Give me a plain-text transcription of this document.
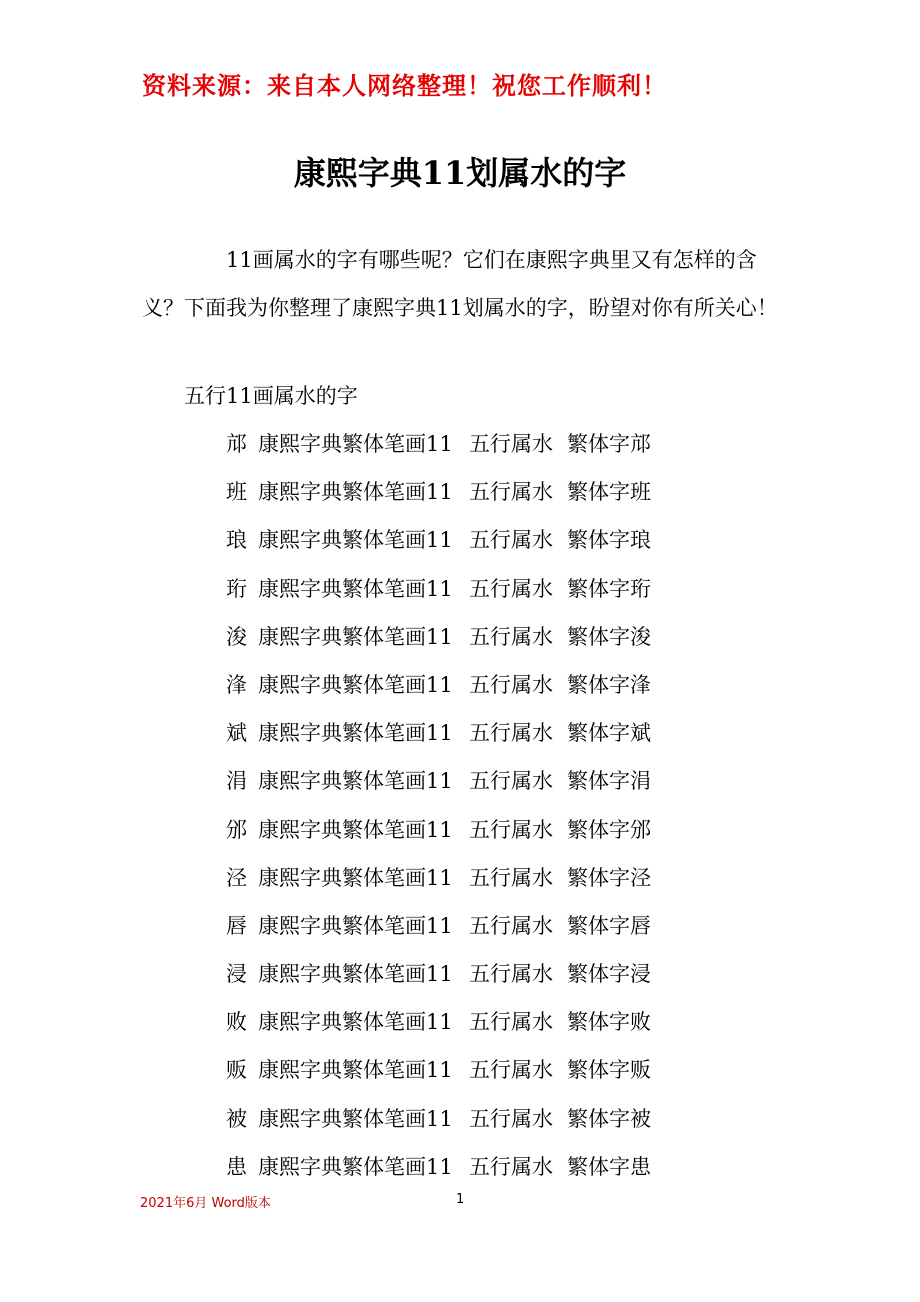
资料来源：来自本人网络整理！祝您工作顺利！
康熙字典11划属水的字
11画属水的字有哪些呢？它们在康熙字典里又有怎样的含义？下面我为你整理了康熙字典11划属水的字，盼望对你有所关心！
五行11画属水的字
邟 康熙字典繁体笔画11 五行属水 繁体字邟
班 康熙字典繁体笔画11 五行属水 繁体字班
琅 康熙字典繁体笔画11 五行属水 繁体字琅
珩 康熙字典繁体笔画11 五行属水 繁体字珩
浚 康熙字典繁体笔画11 五行属水 繁体字浚
浲 康熙字典繁体笔画11 五行属水 繁体字浲
斌 康熙字典繁体笔画11 五行属水 繁体字斌
涓 康熙字典繁体笔画11 五行属水 繁体字涓
邠 康熙字典繁体笔画11 五行属水 繁体字邠
泾 康熙字典繁体笔画11 五行属水 繁体字泾
唇 康熙字典繁体笔画11 五行属水 繁体字唇
浸 康熙字典繁体笔画11 五行属水 繁体字浸
败 康熙字典繁体笔画11 五行属水 繁体字败
贩 康熙字典繁体笔画11 五行属水 繁体字贩
被 康熙字典繁体笔画11 五行属水 繁体字被
患 康熙字典繁体笔画11 五行属水 繁体字患
2021年6月 Word版本	1
